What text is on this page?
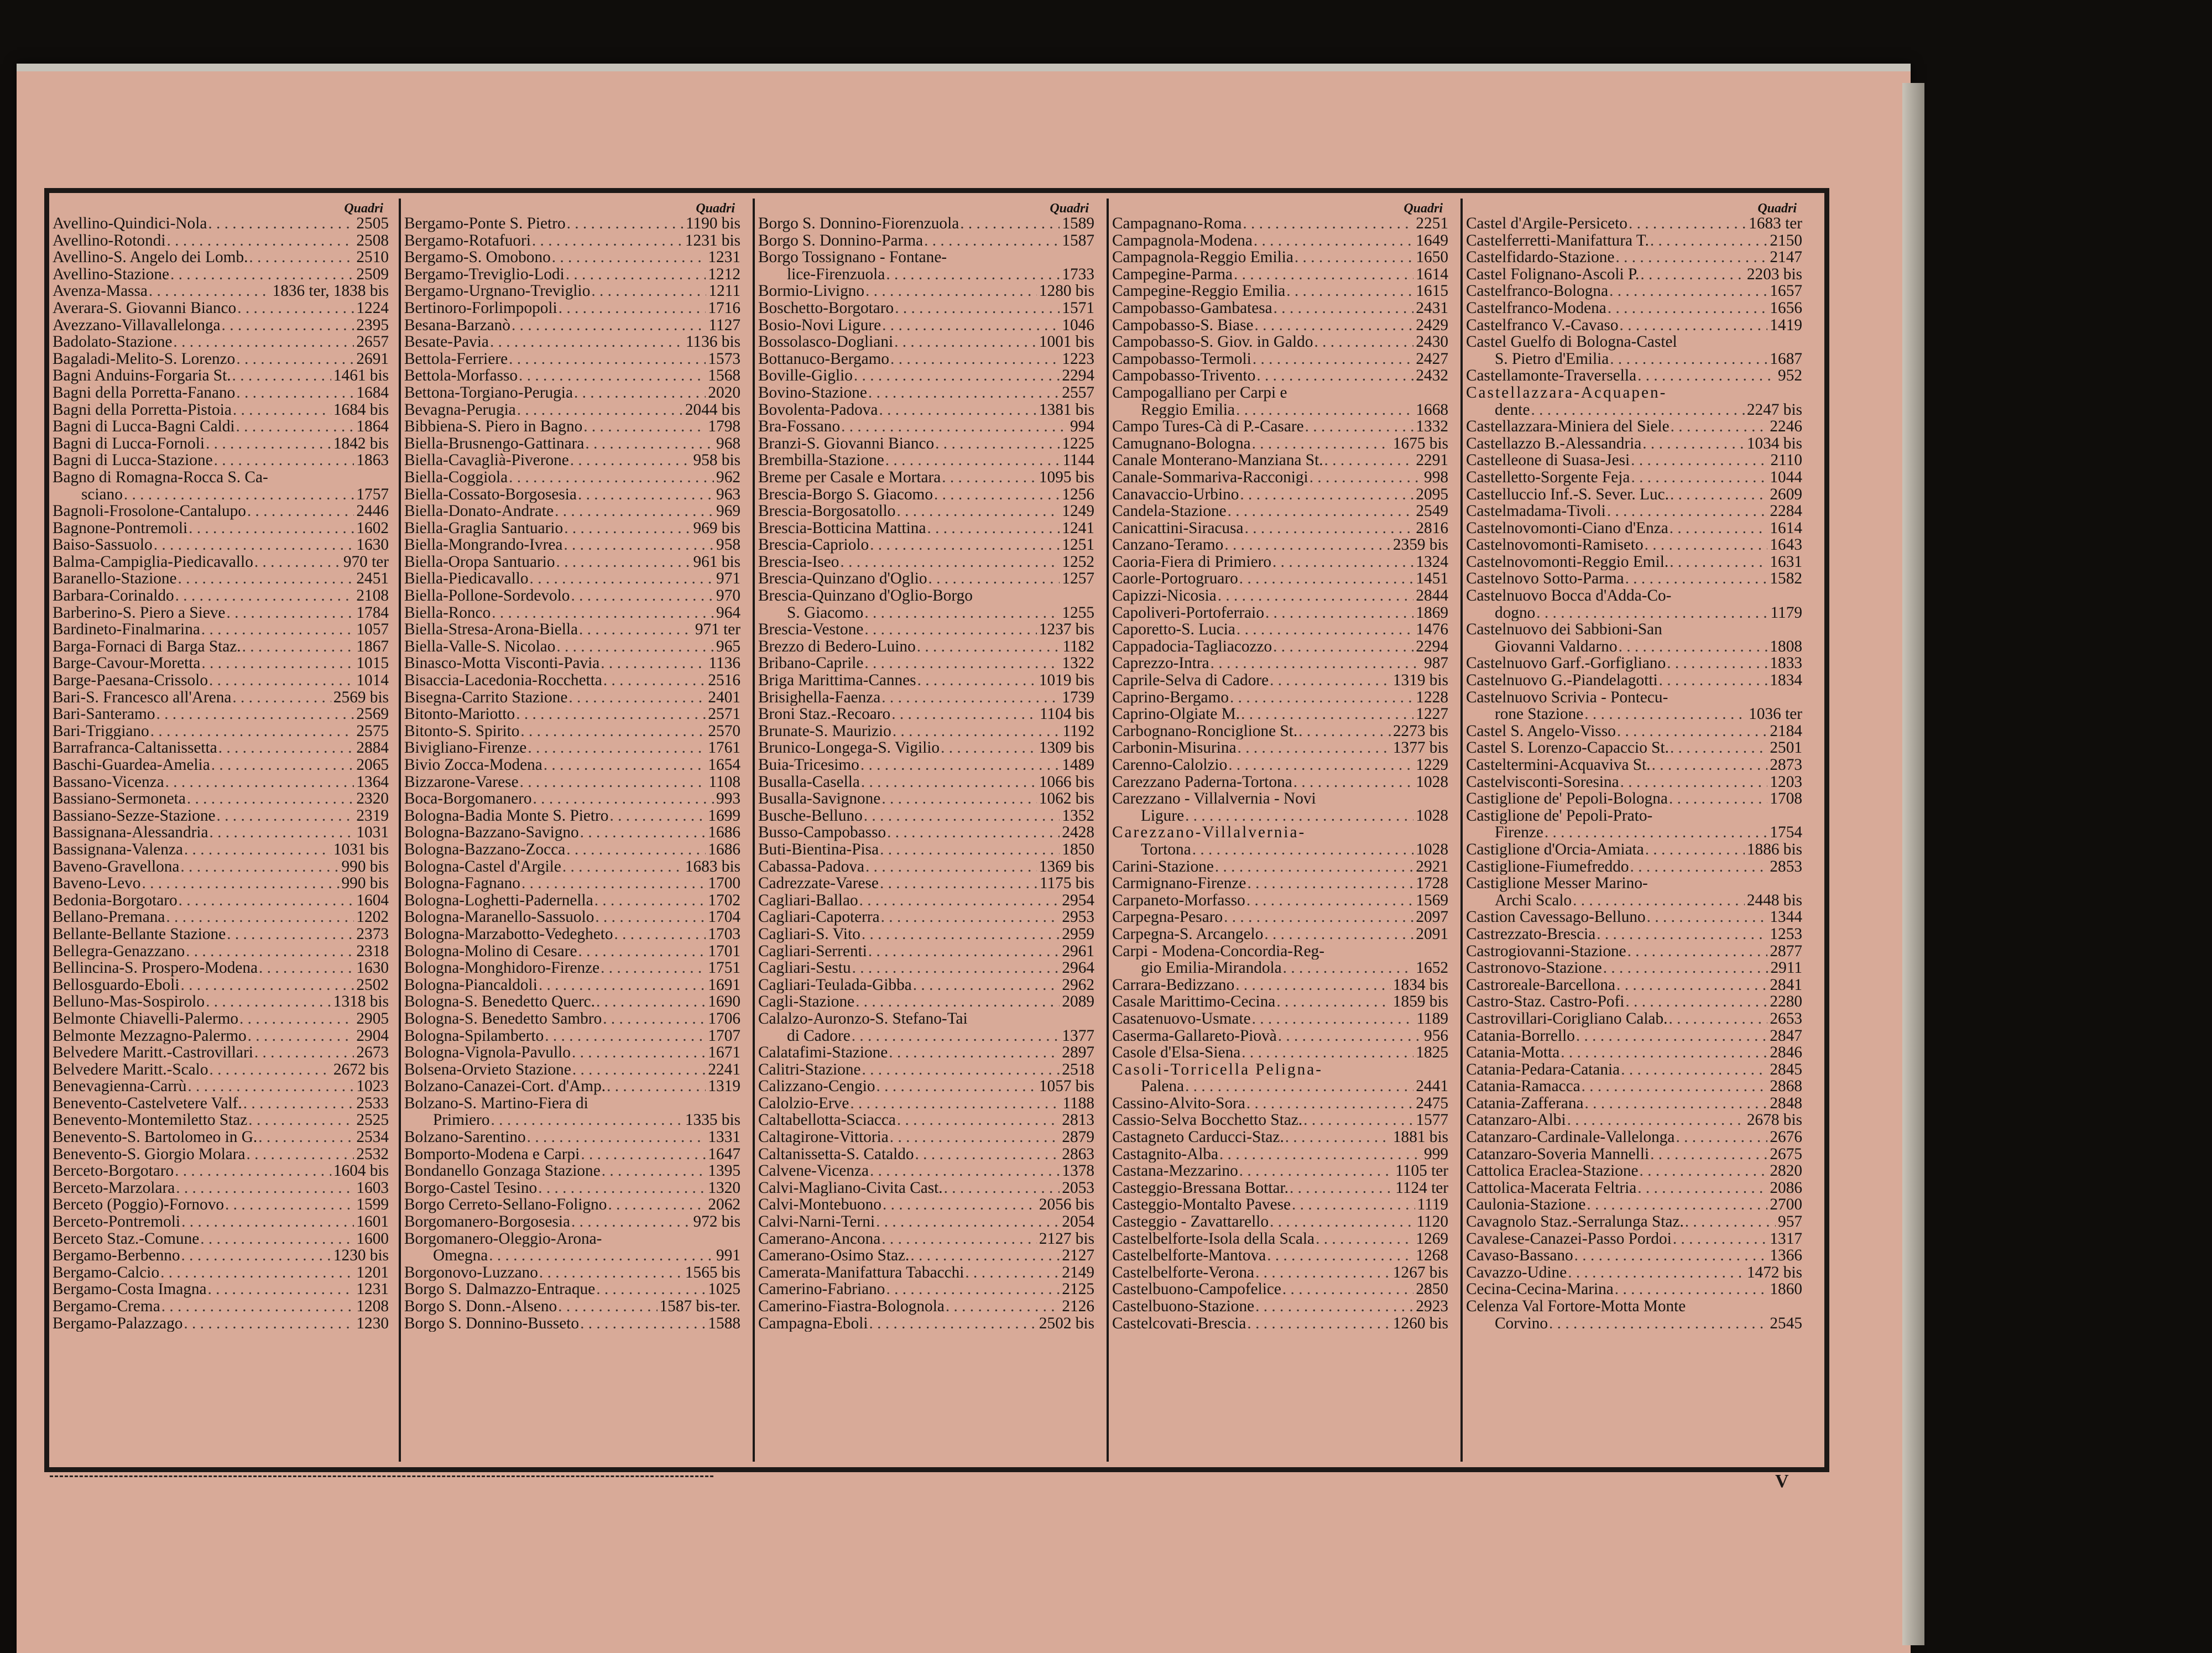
Quadri
Avellino-Quindici-Nola . . .	2505
Avellino-Rotondi . . .	2508
Avellino-S. Angelo dei Lomb. . . .	2510
Avellino-Stazione . . .	2509
Avenza-Massa . . .	1836 ter, 1838 bis
Averara-S. Giovanni Bianco . . .	1224
Avezzano-Villavallelonga . . .	2395
Badolato-Stazione . . .	2657
Bagaladi-Melito-S. Lorenzo . . .	2691
Bagni Anduins-Forgaria St. . . .	1461 bis
Bagni della Porretta-Fanano . . .	1684
Bagni della Porretta-Pistoia . . .	1684 bis
Bagni di Lucca-Bagni Caldi . . .	1864
Bagni di Lucca-Fornoli . . .	1842 bis
Bagni di Lucca-Stazione . . .	1863
Bagno di Romagna-Rocca S. Ca-
sciano . . .	1757
Bagnoli-Frosolone-Cantalupo . . .	2446
Bagnone-Pontremoli . . .	1602
Baiso-Sassuolo . . .	1630
Balma-Campiglia-Piedicavallo . . .	970 ter
Baranello-Stazione . . .	2451
Barbara-Corinaldo . . .	2108
Barberino-S. Piero a Sieve . . .	1784
Bardineto-Finalmarina . . .	1057
Barga-Fornaci di Barga Staz. . . .	1867
Barge-Cavour-Moretta . . .	1015
Barge-Paesana-Crissolo . . .	1014
Bari-S. Francesco all'Arena . . .	2569 bis
Bari-Santeramo . . .	2569
Bari-Triggiano . . .	2575
Barrafranca-Caltanissetta . . .	2884
Baschi-Guardea-Amelia . . .	2065
Bassano-Vicenza . . .	1364
Bassiano-Sermoneta . . .	2320
Bassiano-Sezze-Stazione . . .	2319
Bassignana-Alessandria . . .	1031
Bassignana-Valenza . . .	1031 bis
Baveno-Gravellona . . .	990 bis
Baveno-Levo . . .	990 bis
Bedonia-Borgotaro . . .	1604
Bellano-Premana . . .	1202
Bellante-Bellante Stazione . . .	2373
Bellegra-Genazzano . . .	2318
Bellincina-S. Prospero-Modena . . .	1630
Bellosguardo-Eboli . . .	2502
Belluno-Mas-Sospirolo . . .	1318 bis
Belmonte Chiavelli-Palermo . . .	2905
Belmonte Mezzagno-Palermo . . .	2904
Belvedere Maritt.-Castrovillari . . .	2673
Belvedere Maritt.-Scalo . . .	2672 bis
Benevagienna-Carrù . . .	1023
Benevento-Castelvetere Valf. . . .	2533
Benevento-Montemiletto Staz . . .	2525
Benevento-S. Bartolomeo in G. . . .	2534
Benevento-S. Giorgio Molara . . .	2532
Berceto-Borgotaro . . .	1604 bis
Berceto-Marzolara . . .	1603
Berceto (Poggio)-Fornovo . . .	1599
Berceto-Pontremoli . . .	1601
Berceto Staz.-Comune . . .	1600
Bergamo-Berbenno . . .	1230 bis
Bergamo-Calcio . . .	1201
Bergamo-Costa Imagna . . .	1231
Bergamo-Crema . . .	1208
Bergamo-Palazzago . . .	1230
Quadri
Bergamo-Ponte S. Pietro . . .	1190 bis
Bergamo-Rotafuori . . .	1231 bis
Bergamo-S. Omobono . . .	1231
Bergamo-Treviglio-Lodi . . .	1212
Bergamo-Urgnano-Treviglio . . .	1211
Bertinoro-Forlimpopoli . . .	1716
Besana-Barzanò . . .	1127
Besate-Pavia . . .	1136 bis
Bettola-Ferriere . . .	1573
Bettola-Morfasso . . .	1568
Bettona-Torgiano-Perugia . . .	2020
Bevagna-Perugia . . .	2044 bis
Bibbiena-S. Piero in Bagno . . .	1798
Biella-Brusnengo-Gattinara . . .	968
Biella-Cavaglià-Piverone . . .	958 bis
Biella-Coggiola . . .	962
Biella-Cossato-Borgosesia . . .	963
Biella-Donato-Andrate . . .	969
Biella-Graglia Santuario . . .	969 bis
Biella-Mongrando-Ivrea . . .	958
Biella-Oropa Santuario . . .	961 bis
Biella-Piedicavallo . . .	971
Biella-Pollone-Sordevolo . . .	970
Biella-Ronco . . .	964
Biella-Stresa-Arona-Biella . . .	971 ter
Biella-Valle-S. Nicolao . . .	965
Binasco-Motta Visconti-Pavia . . .	1136
Bisaccia-Lacedonia-Rocchetta . . .	2516
Bisegna-Carrito Stazione . . .	2401
Bitonto-Mariotto . . .	2571
Bitonto-S. Spirito . . .	2570
Bivigliano-Firenze . . .	1761
Bivio Zocca-Modena . . .	1654
Bizzarone-Varese . . .	1108
Boca-Borgomanero . . .	993
Bologna-Badia Monte S. Pietro . . .	1699
Bologna-Bazzano-Savigno . . .	1686
Bologna-Bazzano-Zocca . . .	1686
Bologna-Castel d'Argile . . .	1683 bis
Bologna-Fagnano . . .	1700
Bologna-Loghetti-Padernella . . .	1702
Bologna-Maranello-Sassuolo . . .	1704
Bologna-Marzabotto-Vedegheto . . .	1703
Bologna-Molino di Cesare . . .	1701
Bologna-Monghidoro-Firenze . . .	1751
Bologna-Piancaldoli . . .	1691
Bologna-S. Benedetto Querc. . . .	1690
Bologna-S. Benedetto Sambro . . .	1706
Bologna-Spilamberto . . .	1707
Bologna-Vignola-Pavullo . . .	1671
Bolsena-Orvieto Stazione . . .	2241
Bolzano-Canazei-Cort. d'Amp. . . .	1319
Bolzano-S. Martino-Fiera di
Primiero . . .	1335 bis
Bolzano-Sarentino . . .	1331
Bomporto-Modena e Carpi . . .	1647
Bondanello Gonzaga Stazione . . .	1395
Borgo-Castel Tesino . . .	1320
Borgo Cerreto-Sellano-Foligno . . .	2062
Borgomanero-Borgosesia . . .	972 bis
Borgomanero-Oleggio-Arona-
Omegna . . .	991
Borgonovo-Luzzano . . .	1565 bis
Borgo S. Dalmazzo-Entraque . . .	1025
Borgo S. Donn.-Alseno . . .	1587 bis-ter.
Borgo S. Donnino-Busseto . . .	1588
Quadri
Borgo S. Donnino-Fiorenzuola . . .	1589
Borgo S. Donnino-Parma . . .	1587
Borgo Tossignano - Fontane-
lice-Firenzuola . . .	1733
Bormio-Livigno . . .	1280 bis
Boschetto-Borgotaro . . .	1571
Bosio-Novi Ligure . . .	1046
Bossolasco-Dogliani . . .	1001 bis
Bottanuco-Bergamo . . .	1223
Boville-Giglio . . .	2294
Bovino-Stazione . . .	2557
Bovolenta-Padova . . .	1381 bis
Bra-Fossano . . .	994
Branzi-S. Giovanni Bianco . . .	1225
Brembilla-Stazione . . .	1144
Breme per Casale e Mortara . . .	1095 bis
Brescia-Borgo S. Giacomo . . .	1256
Brescia-Borgosatollo . . .	1249
Brescia-Botticina Mattina . . .	1241
Brescia-Capriolo . . .	1251
Brescia-Iseo . . .	1252
Brescia-Quinzano d'Oglio . . .	1257
Brescia-Quinzano d'Oglio-Borgo
S. Giacomo . . .	1255
Brescia-Vestone . . .	1237 bis
Brezzo di Bedero-Luino . . .	1182
Bribano-Caprile . . .	1322
Briga Marittima-Cannes . . .	1019 bis
Brisighella-Faenza . . .	1739
Broni Staz.-Recoaro . . .	1104 bis
Brunate-S. Maurizio . . .	1192
Brunico-Longega-S. Vigilio . . .	1309 bis
Buia-Tricesimo . . .	1489
Busalla-Casella . . .	1066 bis
Busalla-Savignone . . .	1062 bis
Busche-Belluno . . .	1352
Busso-Campobasso . . .	2428
Buti-Bientina-Pisa . . .	1850
Cabassa-Padova . . .	1369 bis
Cadrezzate-Varese . . .	1175 bis
Cagliari-Ballao . . .	2954
Cagliari-Capoterra . . .	2953
Cagliari-S. Vito . . .	2959
Cagliari-Serrenti . . .	2961
Cagliari-Sestu . . .	2964
Cagliari-Teulada-Gibba . . .	2962
Cagli-Stazione . . .	2089
Calalzo-Auronzo-S. Stefano-Tai
di Cadore . . .	1377
Calatafimi-Stazione . . .	2897
Calitri-Stazione . . .	2518
Calizzano-Cengio . . .	1057 bis
Calolzio-Erve . . .	1188
Caltabellotta-Sciacca . . .	2813
Caltagirone-Vittoria . . .	2879
Caltanissetta-S. Cataldo . . .	2863
Calvene-Vicenza . . .	1378
Calvi-Magliano-Civita Cast. . . .	2053
Calvi-Montebuono . . .	2056 bis
Calvi-Narni-Terni . . .	2054
Camerano-Ancona . . .	2127 bis
Camerano-Osimo Staz. . . .	2127
Camerata-Manifattura Tabacchi . . .	2149
Camerino-Fabriano . . .	2125
Camerino-Fiastra-Bolognola . . .	2126
Campagna-Eboli . . .	2502 bis
Quadri
Campagnano-Roma . . .	2251
Campagnola-Modena . . .	1649
Campagnola-Reggio Emilia . . .	1650
Campegine-Parma . . .	1614
Campegine-Reggio Emilia . . .	1615
Campobasso-Gambatesa . . .	2431
Campobasso-S. Biase . . .	2429
Campobasso-S. Giov. in Galdo . . .	2430
Campobasso-Termoli . . .	2427
Campobasso-Trivento . . .	2432
Campogalliano per Carpi e
Reggio Emilia . . .	1668
Campo Tures-Cà di P.-Casare . . .	1332
Camugnano-Bologna . . .	1675 bis
Canale Monterano-Manziana St. . . .	2291
Canale-Sommariva-Racconigi . . .	998
Canavaccio-Urbino . . .	2095
Candela-Stazione . . .	2549
Canicattini-Siracusa . . .	2816
Canzano-Teramo . . .	2359 bis
Caoria-Fiera di Primiero . . .	1324
Caorle-Portogruaro . . .	1451
Capizzi-Nicosia . . .	2844
Capoliveri-Portoferraio . . .	1869
Caporetto-S. Lucia . . .	1476
Cappadocia-Tagliacozzo . . .	2294
Caprezzo-Intra . . .	987
Caprile-Selva di Cadore . . .	1319 bis
Caprino-Bergamo . . .	1228
Caprino-Olgiate M. . . .	1227
Carbognano-Ronciglione St. . . .	2273 bis
Carbonin-Misurina . . .	1377 bis
Carenno-Calolzio . . .	1229
Carezzano Paderna-Tortona . . .	1028
Carezzano - Villalvernia - Novi
Ligure . . .	1028
Carezzano-Villalvernia-
Tortona . . .	1028
Carini-Stazione . . .	2921
Carmignano-Firenze . . .	1728
Carpaneto-Morfasso . . .	1569
Carpegna-Pesaro . . .	2097
Carpegna-S. Arcangelo . . .	2091
Carpi - Modena-Concordia-Reg-
gio Emilia-Mirandola . . .	1652
Carrara-Bedizzano . . .	1834 bis
Casale Marittimo-Cecina . . .	1859 bis
Casatenuovo-Usmate . . .	1189
Caserma-Gallareto-Piovà . . .	956
Casole d'Elsa-Siena . . .	1825
Casoli-Torricella Peligna-
Palena . . .	2441
Cassino-Alvito-Sora . . .	2475
Cassio-Selva Bocchetto Staz. . . .	1577
Castagneto Carducci-Staz. . . .	1881 bis
Castagnito-Alba . . .	999
Castana-Mezzarino . . .	1105 ter
Casteggio-Bressana Bottar. . . .	1124 ter
Casteggio-Montalto Pavese . . .	1119
Casteggio - Zavattarello . . .	1120
Castelbelforte-Isola della Scala . . .	1269
Castelbelforte-Mantova . . .	1268
Castelbelforte-Verona . . .	1267 bis
Castelbuono-Campofelice . . .	2850
Castelbuono-Stazione . . .	2923
Castelcovati-Brescia . . .	1260 bis
Quadri
Castel d'Argile-Persiceto . . .	1683 ter
Castelferretti-Manifattura T. . . .	2150
Castelfidardo-Stazione . . .	2147
Castel Folignano-Ascoli P. . . .	2203 bis
Castelfranco-Bologna . . .	1657
Castelfranco-Modena . . .	1656
Castelfranco V.-Cavaso . . .	1419
Castel Guelfo di Bologna-Castel
S. Pietro d'Emilia . . .	1687
Castellamonte-Traversella . . .	952
Castellazzara-Acquapen-
dente . . .	2247 bis
Castellazzara-Miniera del Siele . . .	2246
Castellazzo B.-Alessandria . . .	1034 bis
Castelleone di Suasa-Jesi . . .	2110
Castelletto-Sorgente Feja . . .	1044
Castelluccio Inf.-S. Sever. Luc. . . .	2609
Castelmadama-Tivoli . . .	2284
Castelnovomonti-Ciano d'Enza . . .	1614
Castelnovomonti-Ramiseto . . .	1643
Castelnovomonti-Reggio Emil. . . .	1631
Castelnovo Sotto-Parma . . .	1582
Castelnuovo Bocca d'Adda-Co-
dogno . . .	1179
Castelnuovo dei Sabbioni-San
Giovanni Valdarno . . .	1808
Castelnuovo Garf.-Gorfigliano . . .	1833
Castelnuovo G.-Piandelagotti . . .	1834
Castelnuovo Scrivia - Pontecu-
rone Stazione . . .	1036 ter
Castel S. Angelo-Visso . . .	2184
Castel S. Lorenzo-Capaccio St. . . .	2501
Casteltermini-Acquaviva St. . . .	2873
Castelvisconti-Soresina . . .	1203
Castiglione de' Pepoli-Bologna . . .	1708
Castiglione de' Pepoli-Prato-
Firenze . . .	1754
Castiglione d'Orcia-Amiata . . .	1886 bis
Castiglione-Fiumefreddo . . .	2853
Castiglione Messer Marino-
Archi Scalo . . .	2448 bis
Castion Cavessago-Belluno . . .	1344
Castrezzato-Brescia . . .	1253
Castrogiovanni-Stazione . . .	2877
Castronovo-Stazione . . .	2911
Castroreale-Barcellona . . .	2841
Castro-Staz. Castro-Pofi . . .	2280
Castrovillari-Corigliano Calab. . . .	2653
Catania-Borrello . . .	2847
Catania-Motta . . .	2846
Catania-Pedara-Catania . . .	2845
Catania-Ramacca . . .	2868
Catania-Zafferana . . .	2848
Catanzaro-Albi . . .	2678 bis
Catanzaro-Cardinale-Vallelonga . . .	2676
Catanzaro-Soveria Mannelli . . .	2675
Cattolica Eraclea-Stazione . . .	2820
Cattolica-Macerata Feltria . . .	2086
Caulonia-Stazione . . .	2700
Cavagnolo Staz.-Serralunga Staz. . . .	957
Cavalese-Canazei-Passo Pordoi . . .	1317
Cavaso-Bassano . . .	1366
Cavazzo-Udine . . .	1472 bis
Cecina-Cecina-Marina . . .	1860
Celenza Val Fortore-Motta Monte
Corvino . . .	2545
V
